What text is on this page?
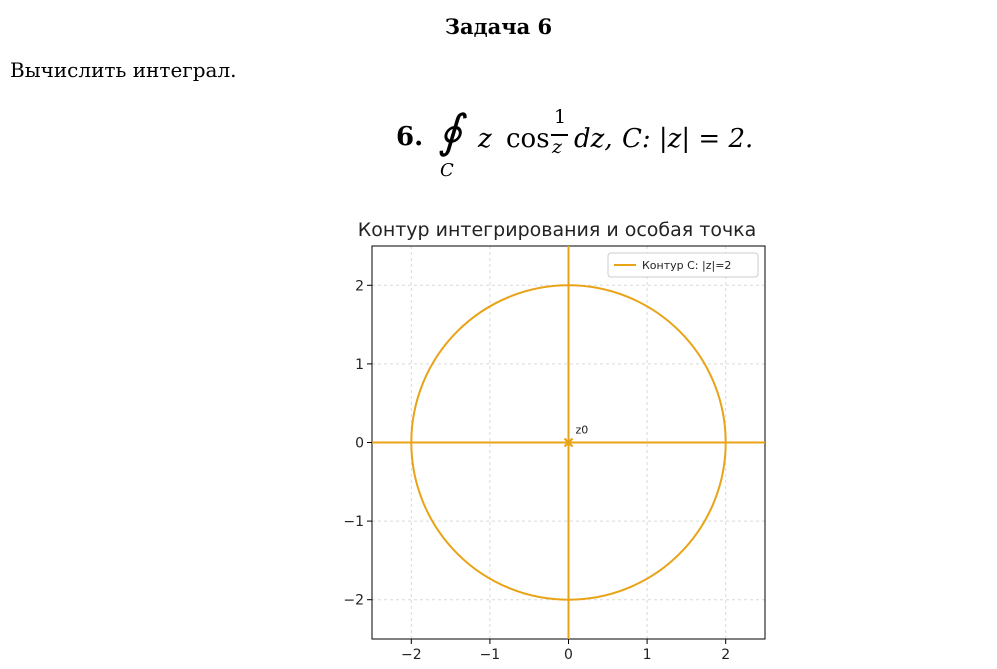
Задача 6
Вычислить интеграл.
6. ∮
C
z cos
1
z dz, C: |z| = 2.
Контур интегрирования и особая точка
z0
−2	−1	0	1	2
−2
−1
0
1
2
Контур C: |z|=2
